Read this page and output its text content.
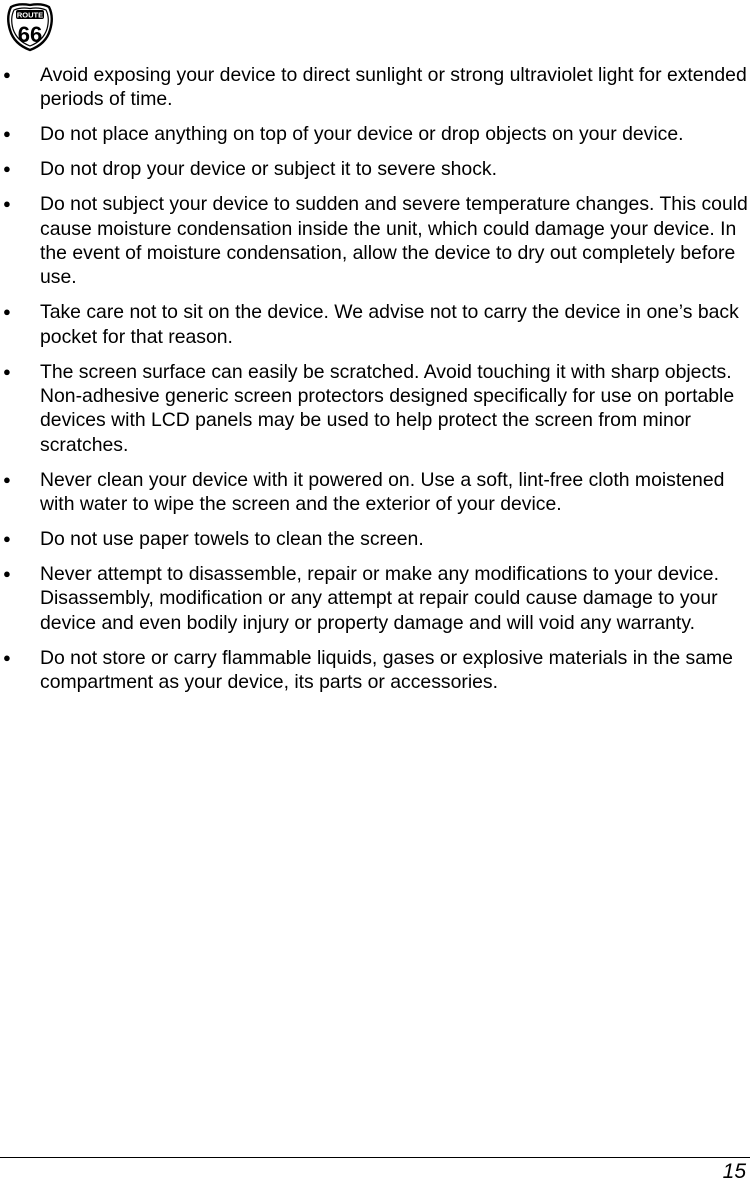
ROUTE
66
● Avoid exposing your device to direct sunlight or strong ultraviolet light for extended periods of time.
● Do not place anything on top of your device or drop objects on your device.
● Do not drop your device or subject it to severe shock.
● Do not subject your device to sudden and severe temperature changes. This could cause moisture condensation inside the unit, which could damage your device. In the event of moisture condensation, allow the device to dry out completely before use.
● Take care not to sit on the device. We advise not to carry the device in one’s back pocket for that reason.
● The screen surface can easily be scratched. Avoid touching it with sharp objects. Non-adhesive generic screen protectors designed specifically for use on portable devices with LCD panels may be used to help protect the screen from minor scratches.
● Never clean your device with it powered on. Use a soft, lint-free cloth moistened with water to wipe the screen and the exterior of your device.
● Do not use paper towels to clean the screen.
● Never attempt to disassemble, repair or make any modifications to your device. Disassembly, modification or any attempt at repair could cause damage to your device and even bodily injury or property damage and will void any warranty.
● Do not store or carry flammable liquids, gases or explosive materials in the same compartment as your device, its parts or accessories.
15
